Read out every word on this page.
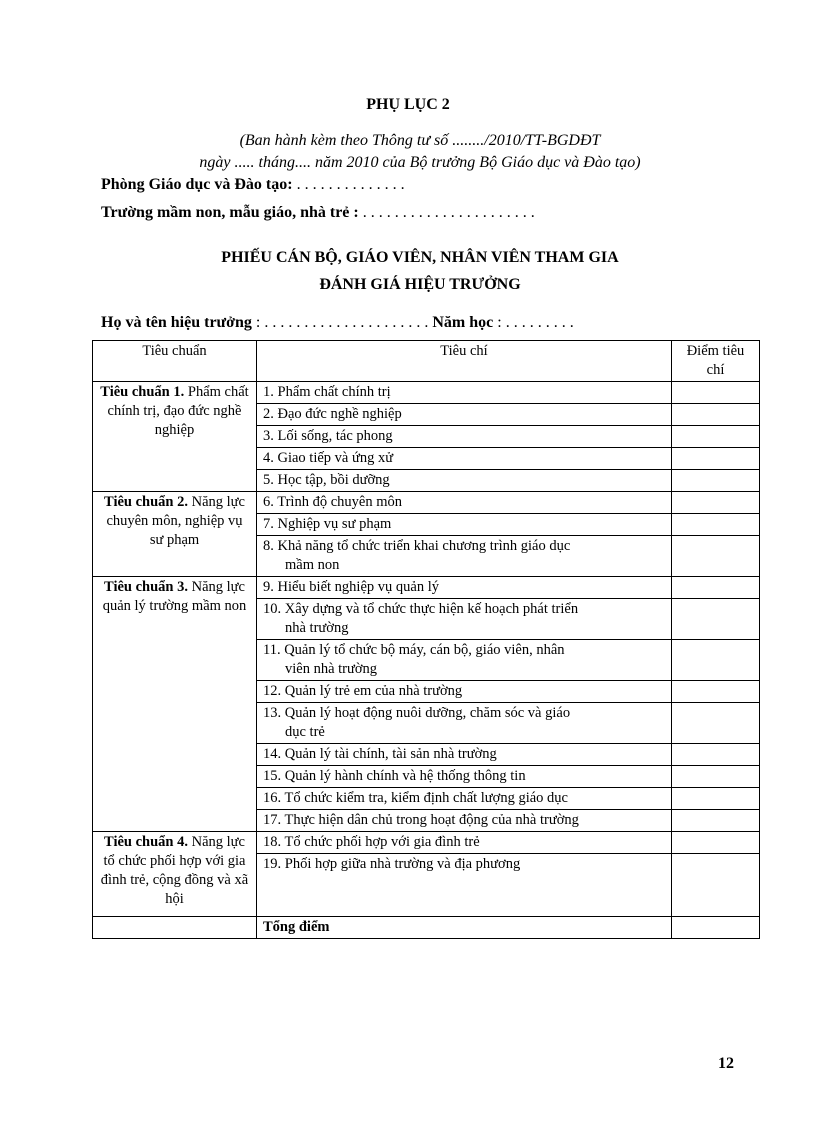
PHỤ LỤC 2
(Ban hành kèm theo Thông tư số ......../2010/TT-BGDĐT
ngày ..... tháng.... năm 2010 của Bộ trưởng Bộ Giáo dục và Đào tạo)
Phòng Giáo dục và Đào tạo: . . . . . . . . . . . . . .
Trường mầm non, mẫu giáo, nhà trẻ : . . . . . . . . . . . . . . . . . . . . . .
PHIẾU CÁN BỘ, GIÁO VIÊN, NHÂN VIÊN THAM GIA
ĐÁNH GIÁ HIỆU TRƯỞNG
Họ và tên hiệu trưởng : . . . . . . . . . . . . . . . . . . . . . Năm học : . . . . . . . . .
Tiêu chuẩn	Tiêu chí	Điểm tiêu chí
Tiêu chuẩn 1. Phẩm chất chính trị, đạo đức nghề nghiệp	1. Phẩm chất chính trị	
	2. Đạo đức nghề nghiệp	
	3. Lối sống, tác phong	
	4. Giao tiếp và ứng xử	
	5. Học tập, bồi dưỡng	
Tiêu chuẩn 2. Năng lực chuyên môn, nghiệp vụ sư phạm	6. Trình độ chuyên môn	
	7. Nghiệp vụ sư phạm	
	8. Khả năng tổ chức triển khai chương trình giáo dục
mầm non	

Tiêu chuẩn 3. Năng lực quản lý trường mầm non	9. Hiểu biết nghiệp vụ quản lý	
	10. Xây dựng và tổ chức thực hiện kế hoạch phát triển
nhà trường	

	11. Quản lý tổ chức bộ máy, cán bộ, giáo viên, nhân
viên nhà trường	

	12. Quản lý trẻ em của nhà trường	
	13. Quản lý hoạt động nuôi dưỡng, chăm sóc và giáo
dục trẻ	

	14. Quản lý tài chính, tài sản nhà trường	
	15. Quản lý hành chính và hệ thống thông tin	
	16. Tổ chức kiểm tra, kiểm định chất lượng giáo dục	
	17. Thực hiện dân chủ trong hoạt động của nhà trường	
Tiêu chuẩn 4. Năng lực tổ chức phối hợp với gia đình trẻ, cộng đồng và xã hội	18. Tổ chức phối hợp với gia đình trẻ	
	19. Phối hợp giữa nhà trường và địa phương	
	Tổng điểm	
12
